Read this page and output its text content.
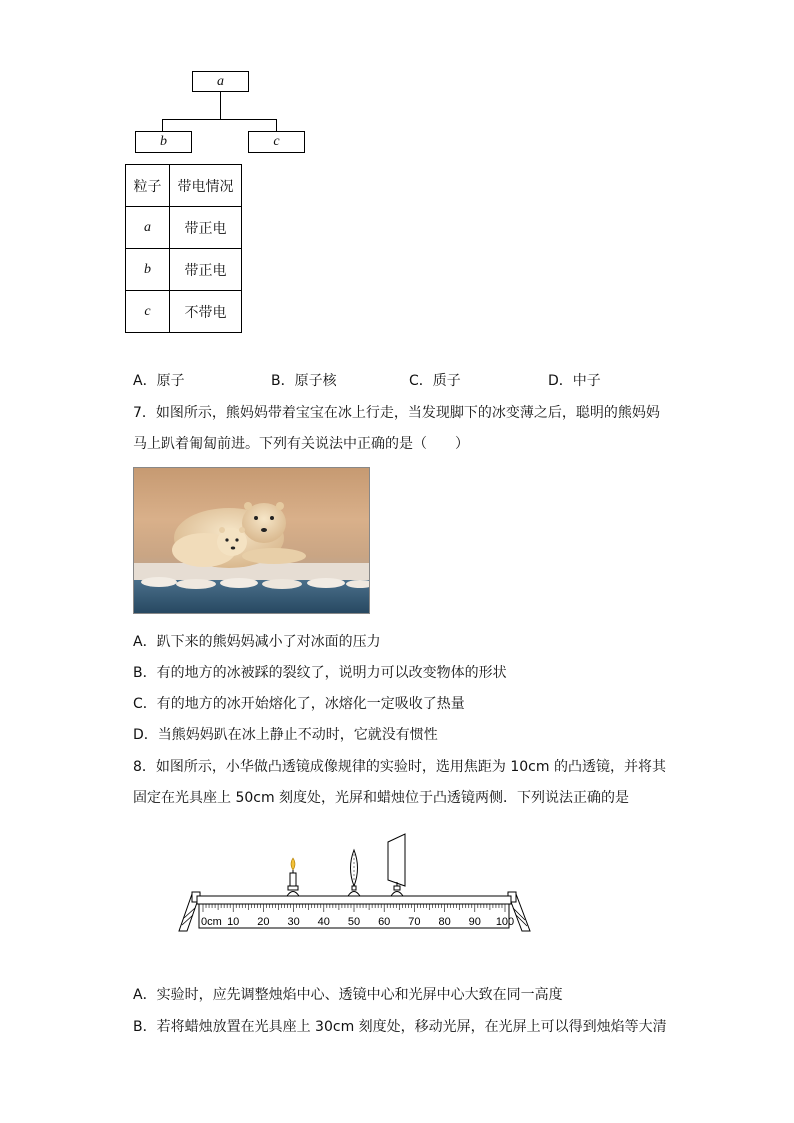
a
b	c
粒子	带电情况
a	带正电
b	带正电
c	不带电
A．原子	B．原子核	C．质子	D．中子
7．如图所示，熊妈妈带着宝宝在冰上行走，当发现脚下的冰变薄之后，聪明的熊妈妈
马上趴着匍匐前进。下列有关说法中正确的是（　　）
A．趴下来的熊妈妈减小了对冰面的压力
B．有的地方的冰被踩的裂纹了，说明力可以改变物体的形状
C．有的地方的冰开始熔化了，冰熔化一定吸收了热量
D．当熊妈妈趴在冰上静止不动时，它就没有惯性
8．如图所示，小华做凸透镜成像规律的实验时，选用焦距为 10cm 的凸透镜，并将其
固定在光具座上 50cm 刻度处，光屏和蜡烛位于凸透镜两侧．下列说法正确的是
0cm 10 20 30 40 50 60 70 80 90 100
A．实验时，应先调整烛焰中心、透镜中心和光屏中心大致在同一高度
B．若将蜡烛放置在光具座上 30cm 刻度处，移动光屏，在光屏上可以得到烛焰等大清
